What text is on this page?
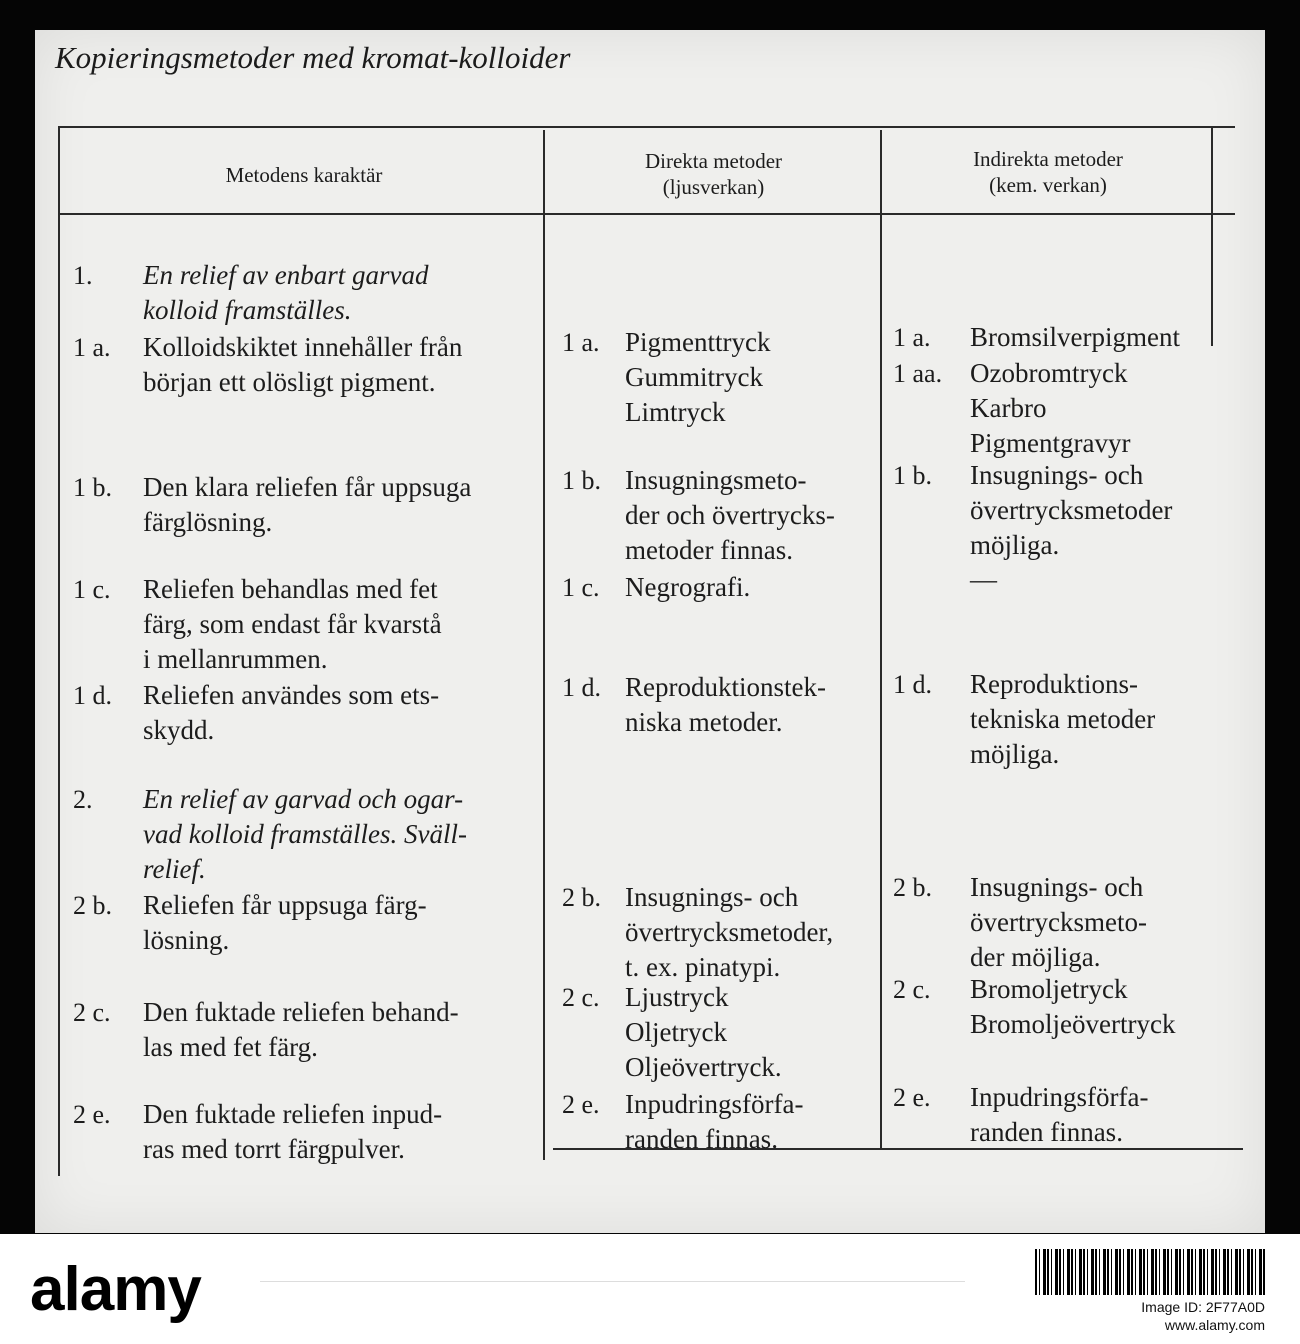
Kopieringsmetoder med kromat-kolloider
Metodens karaktär
Direkta metoder
(ljusverkan)
Indirekta metoder
(kem. verkan)
1. En relief av enbart garvad
kolloid framställes.
1 a. Kolloidskiktet innehåller från
början ett olösligt pigment.
1 b. Den klara reliefen får uppsuga
färglösning.
1 c. Reliefen behandlas med fet
färg, som endast får kvarstå
i mellanrummen.
1 d. Reliefen användes som ets-
skydd.
2. En relief av garvad och ogar-
vad kolloid framställes. Sväll-
relief.
2 b. Reliefen får uppsuga färg-
lösning.
2 c. Den fuktade reliefen behand-
las med fet färg.
2 e. Den fuktade reliefen inpud-
ras med torrt färgpulver.
1 a. Pigmenttryck
Gummitryck
Limtryck
1 b. Insugningsmeto-
der och övertrycks-
metoder finnas.
1 c. Negrografi.
1 d. Reproduktionstek-
niska metoder.
2 b. Insugnings- och
övertrycksmetoder,
t. ex. pinatypi.
2 c. Ljustryck
Oljetryck
Oljeövertryck.
2 e. Inpudringsförfa-
randen finnas.
1 a. Bromsilverpigment
1 aa. Ozobromtryck
Karbro
Pigmentgravyr
1 b. Insugnings- och
övertrycksmetoder
möjliga.
—
1 d. Reproduktions-
tekniska metoder
möjliga.
2 b. Insugnings- och
övertrycksmeto-
der möjliga.
2 c. Bromoljetryck
Bromoljeövertryck
2 e. Inpudringsförfa-
randen finnas.
alamy	Image ID: 2F77A0D
www.alamy.com
